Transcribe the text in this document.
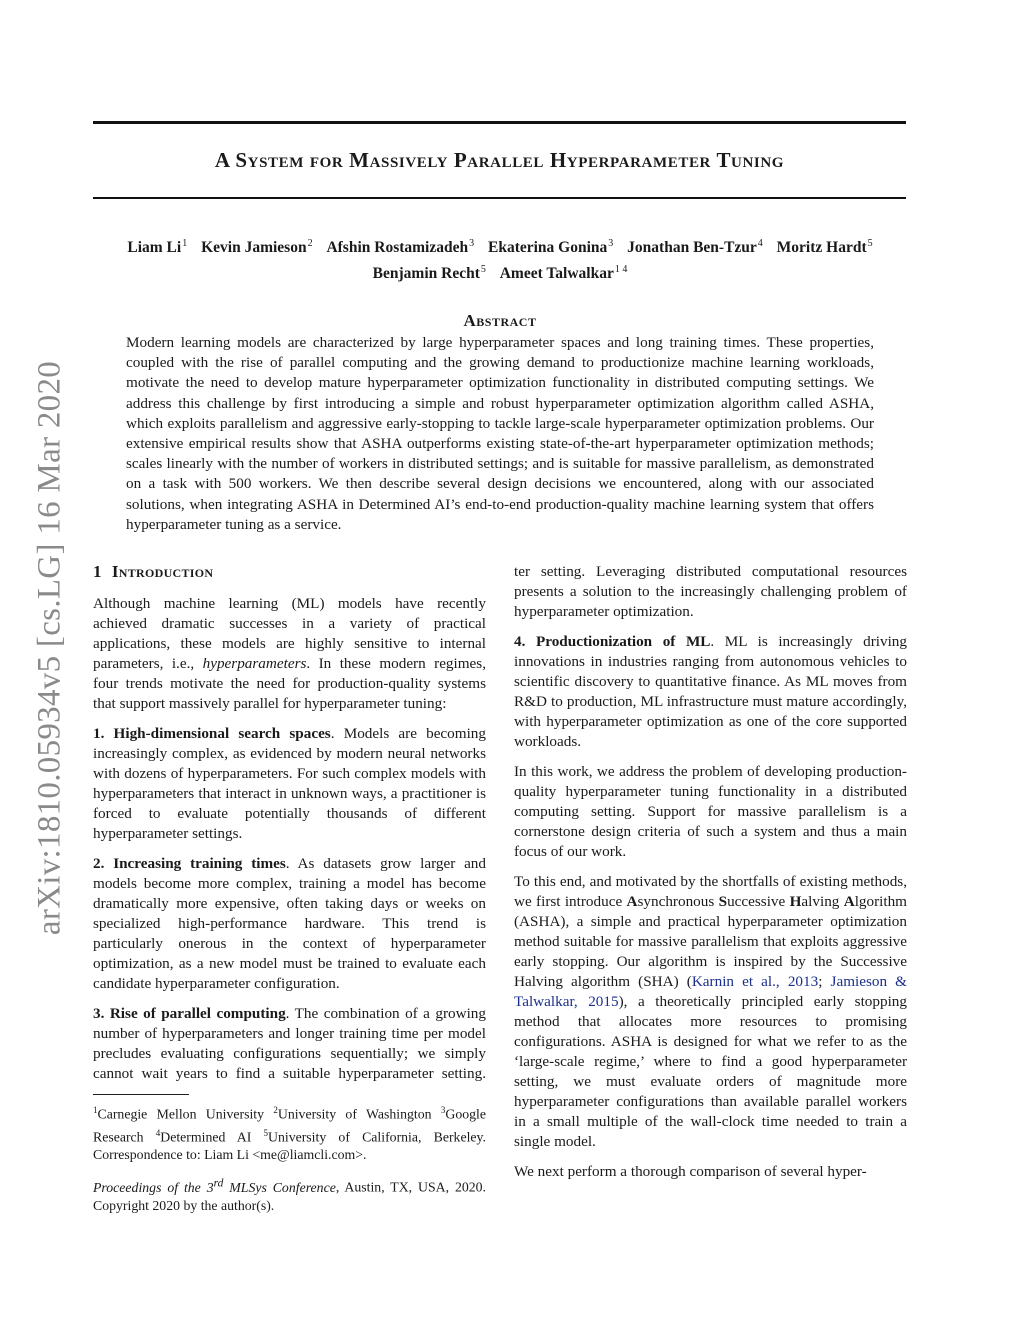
A System for Massively Parallel Hyperparameter Tuning
Liam Li$^1$ Kevin Jamieson$^2$ Afshin Rostamizadeh$^3$ Ekaterina Gonina$^3$ Jonathan Ben-Tzur$^4$ Moritz Hardt$^5$
Benjamin Recht$^5$ Ameet Talwalkar$^{1 4}$
Abstract

Modern learning models are characterized by large hyperparameter spaces and long training times. These properties, coupled with the rise of parallel computing and the growing demand to productionize machine learning workloads, motivate the need to develop mature hyperparameter optimization functionality in distributed computing settings. We address this challenge by first introducing a simple and robust hyperparameter optimization algorithm called ASHA, which exploits parallelism and aggressive early-stopping to tackle large-scale hyperparameter optimization problems. Our extensive empirical results show that ASHA outperforms existing state-of-the-art hyperparameter optimization methods; scales linearly with the number of workers in distributed settings; and is suitable for massive parallelism, as demonstrated on a task with 500 workers. We then describe several design decisions we encountered, along with our associated solutions, when integrating ASHA in Determined AI’s end-to-end production-quality machine learning system that offers hyperparameter tuning as a service.

arXiv:1810.05934v5 [cs.LG] 16 Mar 2020 1 Introduction

Although machine learning (ML) models have recently achieved dramatic successes in a variety of practical applications, these models are highly sensitive to internal parameters, i.e., hyperparameters. In these modern regimes, four trends motivate the need for production-quality systems that support massively parallel for hyperparameter tuning:

1. High-dimensional search spaces. Models are becoming increasingly complex, as evidenced by modern neural networks with dozens of hyperparameters. For such complex models with hyperparameters that interact in unknown ways, a practitioner is forced to evaluate potentially thousands of different hyperparameter settings.

2. Increasing training times. As datasets grow larger and models become more complex, training a model has become dramatically more expensive, often taking days or weeks on specialized high-performance hardware. This trend is particularly onerous in the context of hyperparameter optimization, as a new model must be trained to evaluate each candidate hyperparameter configuration.

3. Rise of parallel computing. The combination of a growing number of hyperparameters and longer training time per model precludes evaluating configurations sequentially; we simply cannot wait years to find a suitable hyperparameter setting.

$^1$Carnegie Mellon University $^2$University of Washington $^3$Google Research $^4$Determined AI $^5$University of California, Berkeley. Correspondence to: Liam Li <me@liamcli.com>.

Proceedings of the 3rd MLSys Conference, Austin, TX, USA, 2020. Copyright 2020 by the author(s).

ter setting. Leveraging distributed computational resources presents a solution to the increasingly challenging problem of hyperparameter optimization.

4. Productionization of ML. ML is increasingly driving innovations in industries ranging from autonomous vehicles to scientific discovery to quantitative finance. As ML moves from R&D to production, ML infrastructure must mature accordingly, with hyperparameter optimization as one of the core supported workloads.

In this work, we address the problem of developing production-quality hyperparameter tuning functionality in a distributed computing setting. Support for massive parallelism is a cornerstone design criteria of such a system and thus a main focus of our work.

To this end, and motivated by the shortfalls of existing methods, we first introduce Asynchronous Successive Halving Algorithm (ASHA), a simple and practical hyperparameter optimization method suitable for massive parallelism that exploits aggressive early stopping. Our algorithm is inspired by the Successive Halving algorithm (SHA) (Karnin et al., 2013; Jamieson & Talwalkar, 2015), a theoretically principled early stopping method that allocates more resources to promising configurations. ASHA is designed for what we refer to as the ‘large-scale regime,’ where to find a good hyperparameter setting, we must evaluate orders of magnitude more hyperparameter configurations than available parallel workers in a small multiple of the wall-clock time needed to train a single model.

We next perform a thorough comparison of several hyper-
